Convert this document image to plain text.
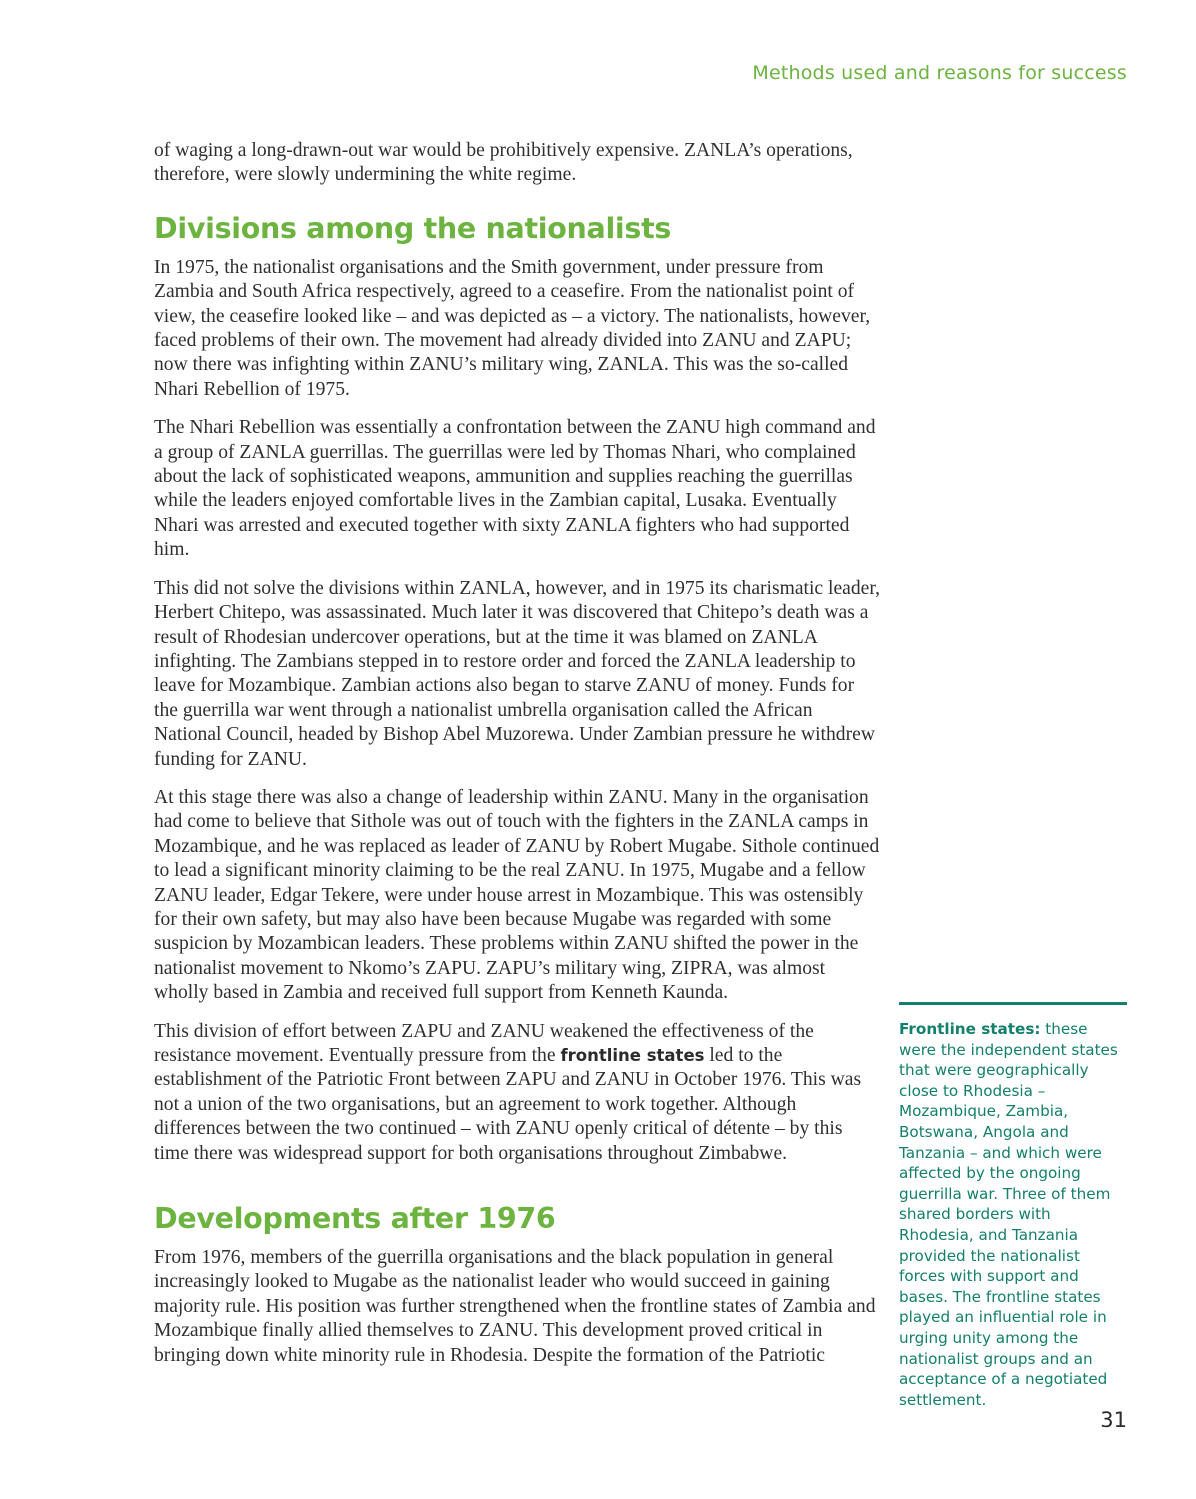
Methods used and reasons for success

of waging a long-drawn-out war would be prohibitively expensive. ZANLA’s operations, therefore, were slowly undermining the white regime.

Divisions among the nationalists

In 1975, the nationalist organisations and the Smith government, under pressure from Zambia and South Africa respectively, agreed to a ceasefire. From the nationalist point of view, the ceasefire looked like – and was depicted as – a victory. The nationalists, however, faced problems of their own. The movement had already divided into ZANU and ZAPU; now there was infighting within ZANU’s military wing, ZANLA. This was the so-called Nhari Rebellion of 1975.

The Nhari Rebellion was essentially a confrontation between the ZANU high command and a group of ZANLA guerrillas. The guerrillas were led by Thomas Nhari, who complained about the lack of sophisticated weapons, ammunition and supplies reaching the guerrillas while the leaders enjoyed comfortable lives in the Zambian capital, Lusaka. Eventually Nhari was arrested and executed together with sixty ZANLA fighters who had supported him.

This did not solve the divisions within ZANLA, however, and in 1975 its charismatic leader, Herbert Chitepo, was assassinated. Much later it was discovered that Chitepo’s death was a result of Rhodesian undercover operations, but at the time it was blamed on ZANLA infighting. The Zambians stepped in to restore order and forced the ZANLA leadership to leave for Mozambique. Zambian actions also began to starve ZANU of money. Funds for the guerrilla war went through a nationalist umbrella organisation called the African National Council, headed by Bishop Abel Muzorewa. Under Zambian pressure he withdrew funding for ZANU.

At this stage there was also a change of leadership within ZANU. Many in the organisation had come to believe that Sithole was out of touch with the fighters in the ZANLA camps in Mozambique, and he was replaced as leader of ZANU by Robert Mugabe. Sithole continued to lead a significant minority claiming to be the real ZANU. In 1975, Mugabe and a fellow ZANU leader, Edgar Tekere, were under house arrest in Mozambique. This was ostensibly for their own safety, but may also have been because Mugabe was regarded with some suspicion by Mozambican leaders. These problems within ZANU shifted the power in the nationalist movement to Nkomo’s ZAPU. ZAPU’s military wing, ZIPRA, was almost wholly based in Zambia and received full support from Kenneth Kaunda.

This division of effort between ZAPU and ZANU weakened the effectiveness of the resistance movement. Eventually pressure from the frontline states led to the establishment of the Patriotic Front between ZAPU and ZANU in October 1976. This was not a union of the two organisations, but an agreement to work together. Although differences between the two continued – with ZANU openly critical of détente – by this time there was widespread support for both organisations throughout Zimbabwe.

Developments after 1976

From 1976, members of the guerrilla organisations and the black population in general increasingly looked to Mugabe as the nationalist leader who would succeed in gaining majority rule. His position was further strengthened when the frontline states of Zambia and Mozambique finally allied themselves to ZANU. This development proved critical in bringing down white minority rule in Rhodesia. Despite the formation of the Patriotic

Frontline states: these were the independent states that were geographically close to Rhodesia – Mozambique, Zambia, Botswana, Angola and Tanzania – and which were affected by the ongoing guerrilla war. Three of them shared borders with Rhodesia, and Tanzania provided the nationalist forces with support and bases. The frontline states played an influential role in urging unity among the nationalist groups and an acceptance of a negotiated settlement.

31
